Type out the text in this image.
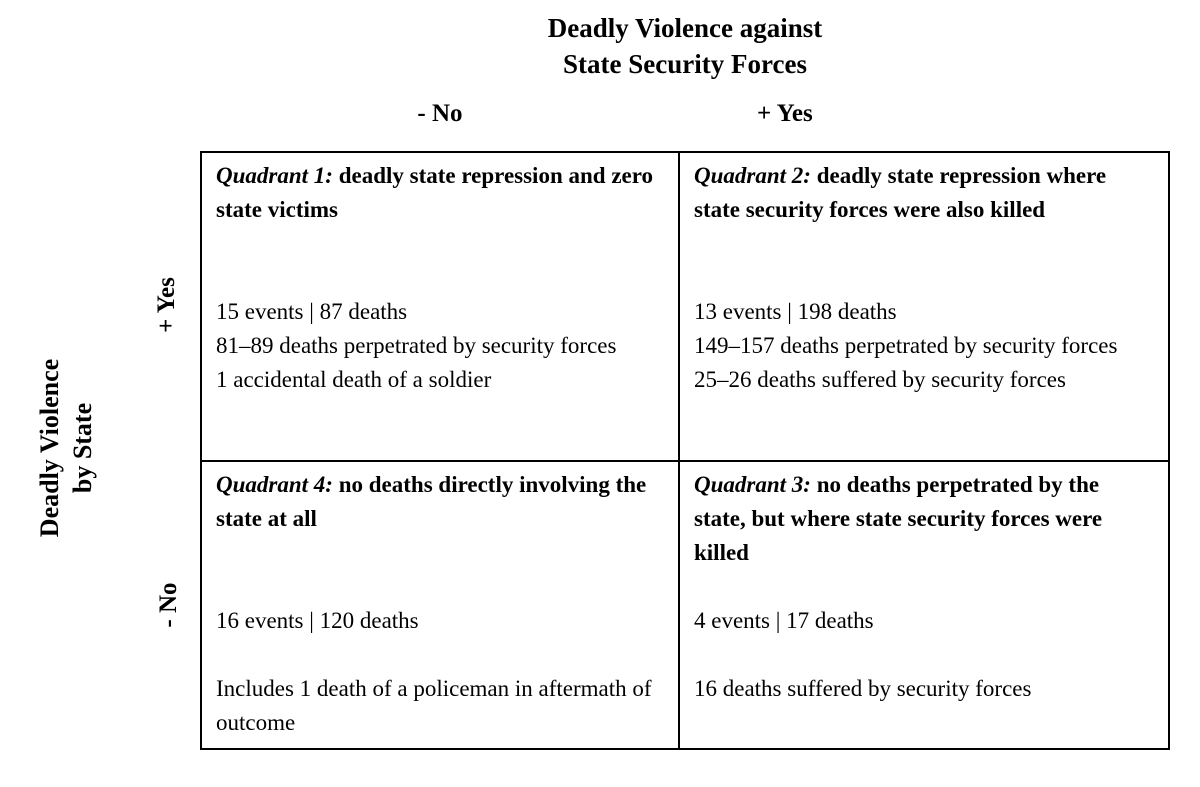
Deadly Violence against
State Security Forces
- No	+ Yes
Deadly Violence by State
+ Yes
- No
Quadrant 1: deadly state repression and zero state victims
15 events | 87 deaths
81–89 deaths perpetrated by security forces
1 accidental death of a soldier
Quadrant 2: deadly state repression where state security forces were also killed
13 events | 198 deaths
149–157 deaths perpetrated by security forces
25–26 deaths suffered by security forces
Quadrant 4: no deaths directly involving the state at all
16 events | 120 deaths
Includes 1 death of a policeman in aftermath of outcome
Quadrant 3: no deaths perpetrated by the state, but where state security forces were killed
4 events | 17 deaths
16 deaths suffered by security forces
